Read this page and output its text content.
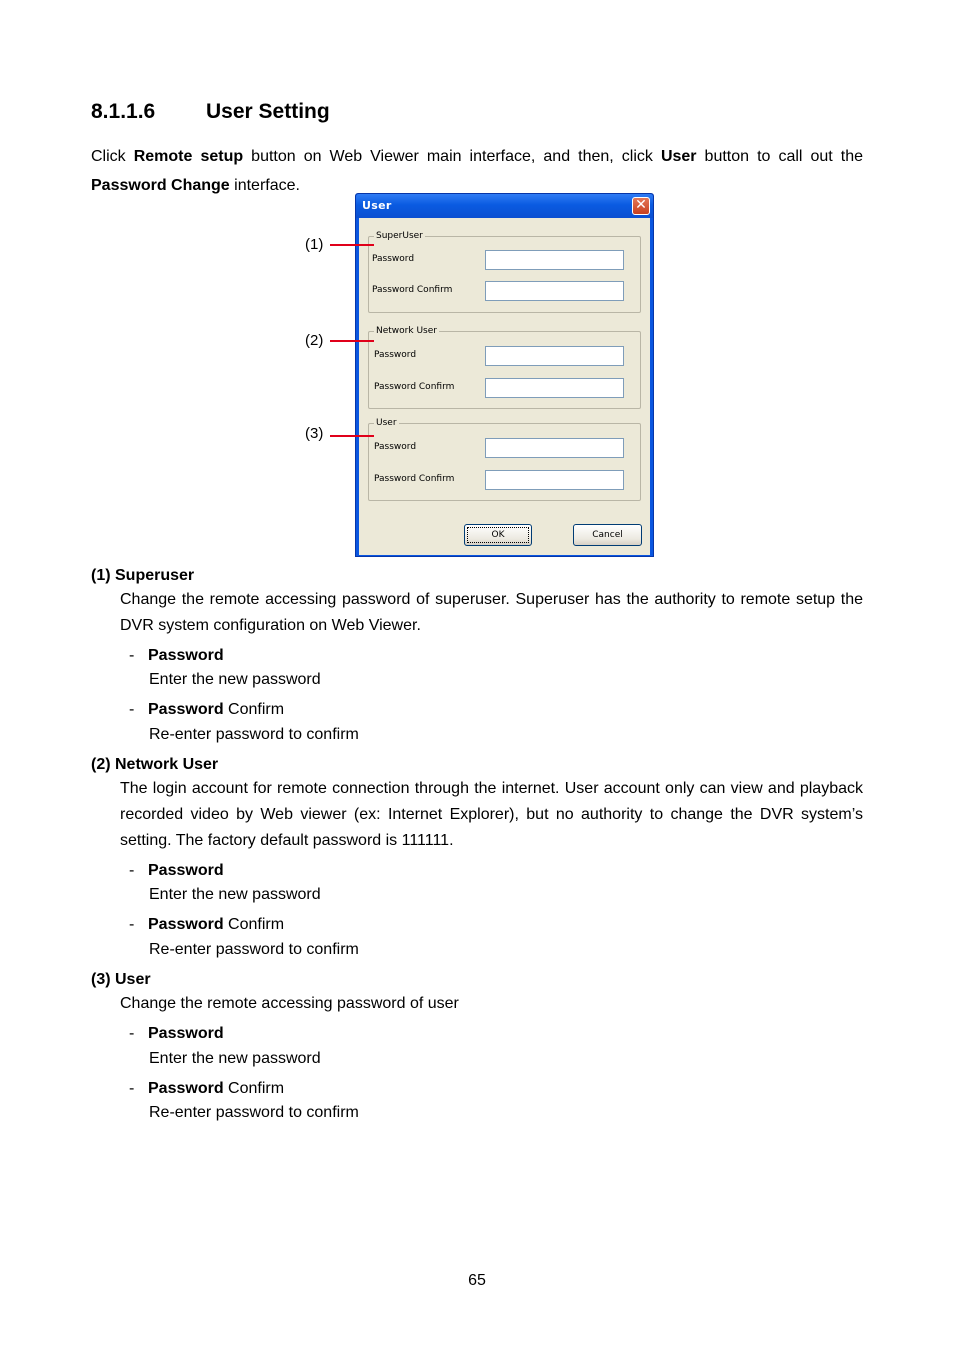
8.1.1.6 User Setting
Click Remote setup button on Web Viewer main interface, and then, click User button to call out the Password Change interface.
User	✕
SuperUser
Password
Password Confirm
Network User
Password
Password Confirm
User
Password
Password Confirm
OK	Cancel
(1)
(2)
(3)
(1) Superuser
Change the remote accessing password of superuser. Superuser has the authority to remote setup the DVR system configuration on Web Viewer.
- Password
Enter the new password
- Password Confirm
Re-enter password to confirm
(2) Network User
The login account for remote connection through the internet. User account only can view and playback recorded video by Web viewer (ex: Internet Explorer), but no authority to change the DVR system’s setting. The factory default password is 111111.
- Password
Enter the new password
- Password Confirm
Re-enter password to confirm
(3) User
Change the remote accessing password of user
- Password
Enter the new password
- Password Confirm
Re-enter password to confirm
65
